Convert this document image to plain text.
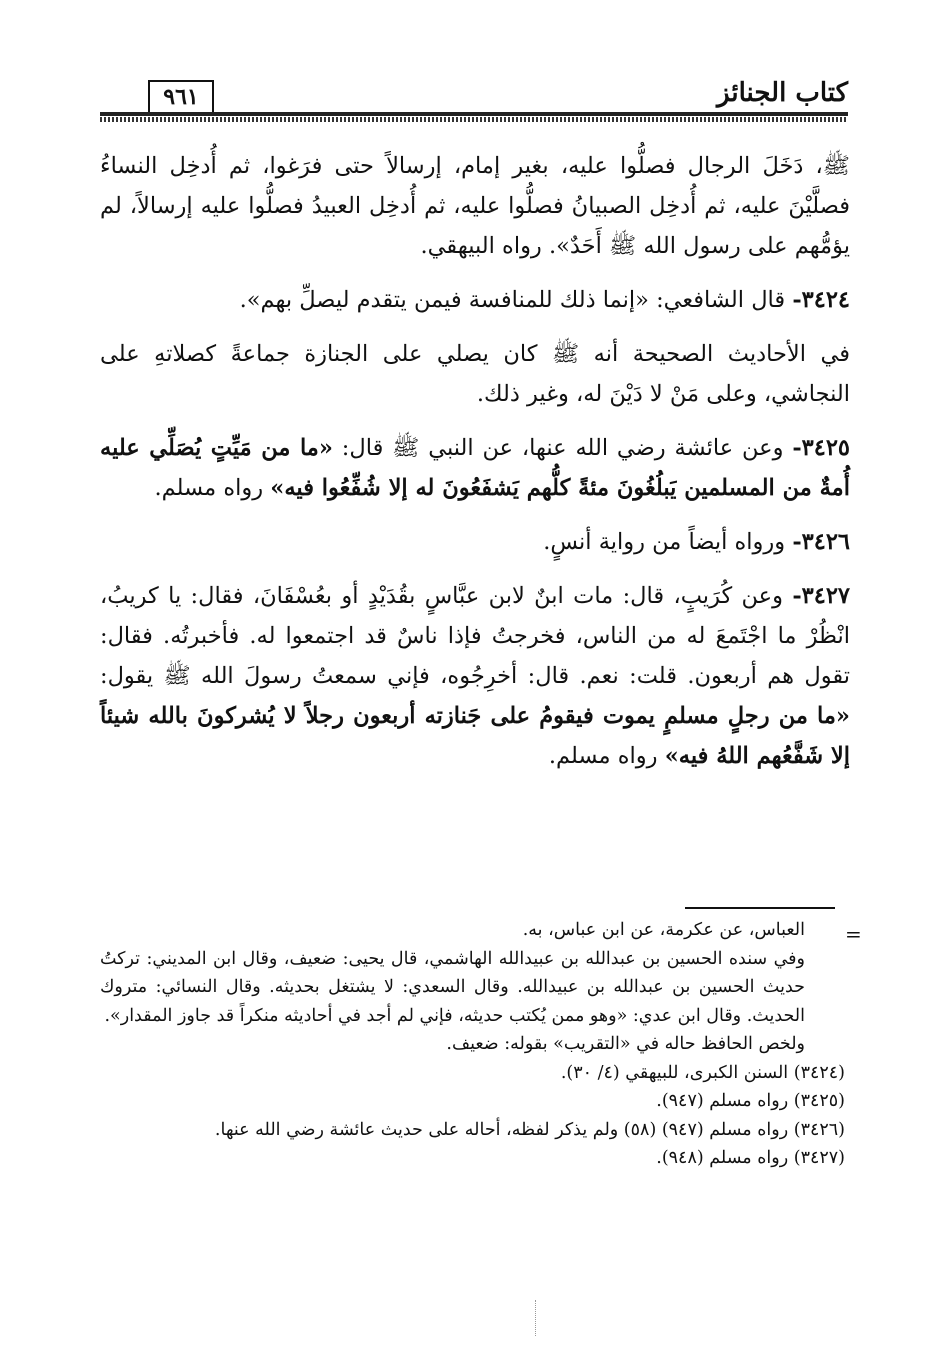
كتاب الجنائز
٩٦١

ﷺ، دَخَلَ الرجال فصلُّوا عليه، بغير إمام، إرسالاً حتى فرَغوا، ثم أُدخِل النساءُ فصلَّيْنَ عليه، ثم أُدخِل الصبيانُ فصلُّوا عليه، ثم أُدخِل العبيدُ فصلُّوا عليه إرسالاً، لم يؤمُّهم على رسول الله ﷺ أَحَدٌ». رواه البيهقي.

٣٤٢٤- قال الشافعي: «إنما ذلك للمنافسة فيمن يتقدم ليصلِّ بهم».

في الأحاديث الصحيحة أنه ﷺ كان يصلي على الجنازة جماعةً كصلاتهِ على النجاشي، وعلى مَنْ لا دَيْنَ له، وغير ذلك.

٣٤٢٥- وعن عائشة رضي الله عنها، عن النبي ﷺ قال: «ما من مَيِّتٍ يُصَلِّي عليه أُمةٌ من المسلمين يَبلُغُونَ مئةً كلُّهم يَشفَعُونَ له إلا شُفِّعُوا فيه» رواه مسلم.

٣٤٢٦- ورواه أيضاً من رواية أنسٍ.

٣٤٢٧- وعن كُرَيبٍ، قال: مات ابنٌ لابن عبَّاسٍ بقُدَيْدٍ أو بعُسْفَانَ، فقال: يا كريبُ، انْظُرْ ما اجْتَمعَ له من الناس، فخرجتُ فإذا ناسٌ قد اجتمعوا له. فأخبرتُه. فقال: تقول هم أربعون. قلت: نعم. قال: أخرِجُوه، فإني سمعتُ رسولَ الله ﷺ يقول: «ما من رجلٍ مسلمٍ يموت فيقومُ على جَنازته أربعون رجلاً لا يُشركونَ بالله شيئاً إلا شَفَّعُهم اللهُ فيه» رواه مسلم.

=

العباس، عن عكرمة، عن ابن عباس، به.

وفي سنده الحسين بن عبدالله بن عبيدالله الهاشمي، قال يحيى: ضعيف، وقال ابن المديني: تركتُ حديث الحسين بن عبدالله بن عبيدالله. وقال السعدي: لا يشتغل بحديثه. وقال النسائي: متروك الحديث. وقال ابن عدي: «وهو ممن يُكتب حديثه، فإني لم أجد في أحاديثه منكراً قد جاوز المقدار».

ولخص الحافظ حاله في «التقريب» بقوله: ضعيف.

(٣٤٢٤) السنن الكبرى، للبيهقي (٤/ ٣٠).

(٣٤٢٥) رواه مسلم (٩٤٧).

(٣٤٢٦) رواه مسلم (٩٤٧) (٥٨) ولم يذكر لفظه، أحاله على حديث عائشة رضي الله عنها.

(٣٤٢٧) رواه مسلم (٩٤٨).
